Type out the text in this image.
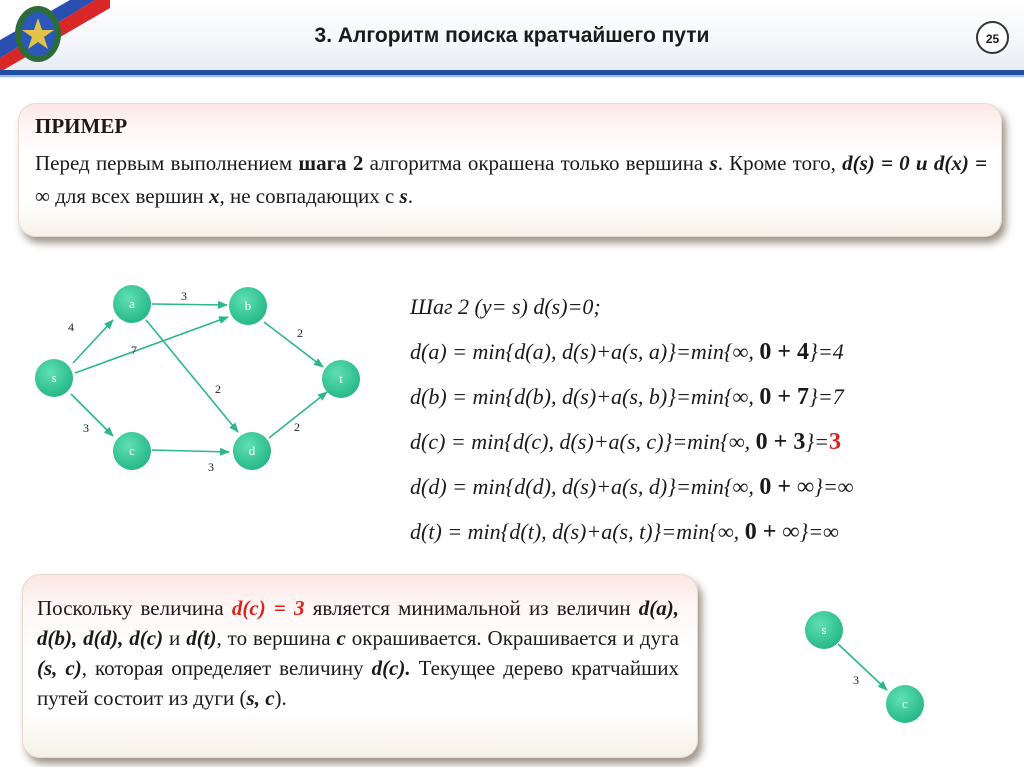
3. Алгоритм поиска кратчайшего пути	25
ПРИМЕР
Перед первым выполнением шага 2 алгоритма окрашена только вершина s. Кроме того, d(s) = 0 и d(x) = ∞ для всех вершин x, не совпадающих с s.
4
7
3
3
2
2
3
2
a	b
s	t
c	d
3
s
c
Шаг 2 (y= s) d(s)=0;
d(a) = min{d(a), d(s)+a(s, a)}=min{∞, 0 + 4}=4
d(b) = min{d(b), d(s)+a(s, b)}=min{∞, 0 + 7}=7
d(c) = min{d(c), d(s)+a(s, c)}=min{∞, 0 + 3}=3
d(d) = min{d(d), d(s)+a(s, d)}=min{∞, 0 + ∞}=∞
d(t) = min{d(t), d(s)+a(s, t)}=min{∞, 0 + ∞}=∞
Поскольку величина d(c) = 3 является минимальной из величин d(a), d(b), d(d), d(c) и d(t), то вершина c окрашивается. Окрашивается и дуга (s, c), которая определяет величину d(c). Текущее дерево кратчайших путей состоит из дуги (s, c).
